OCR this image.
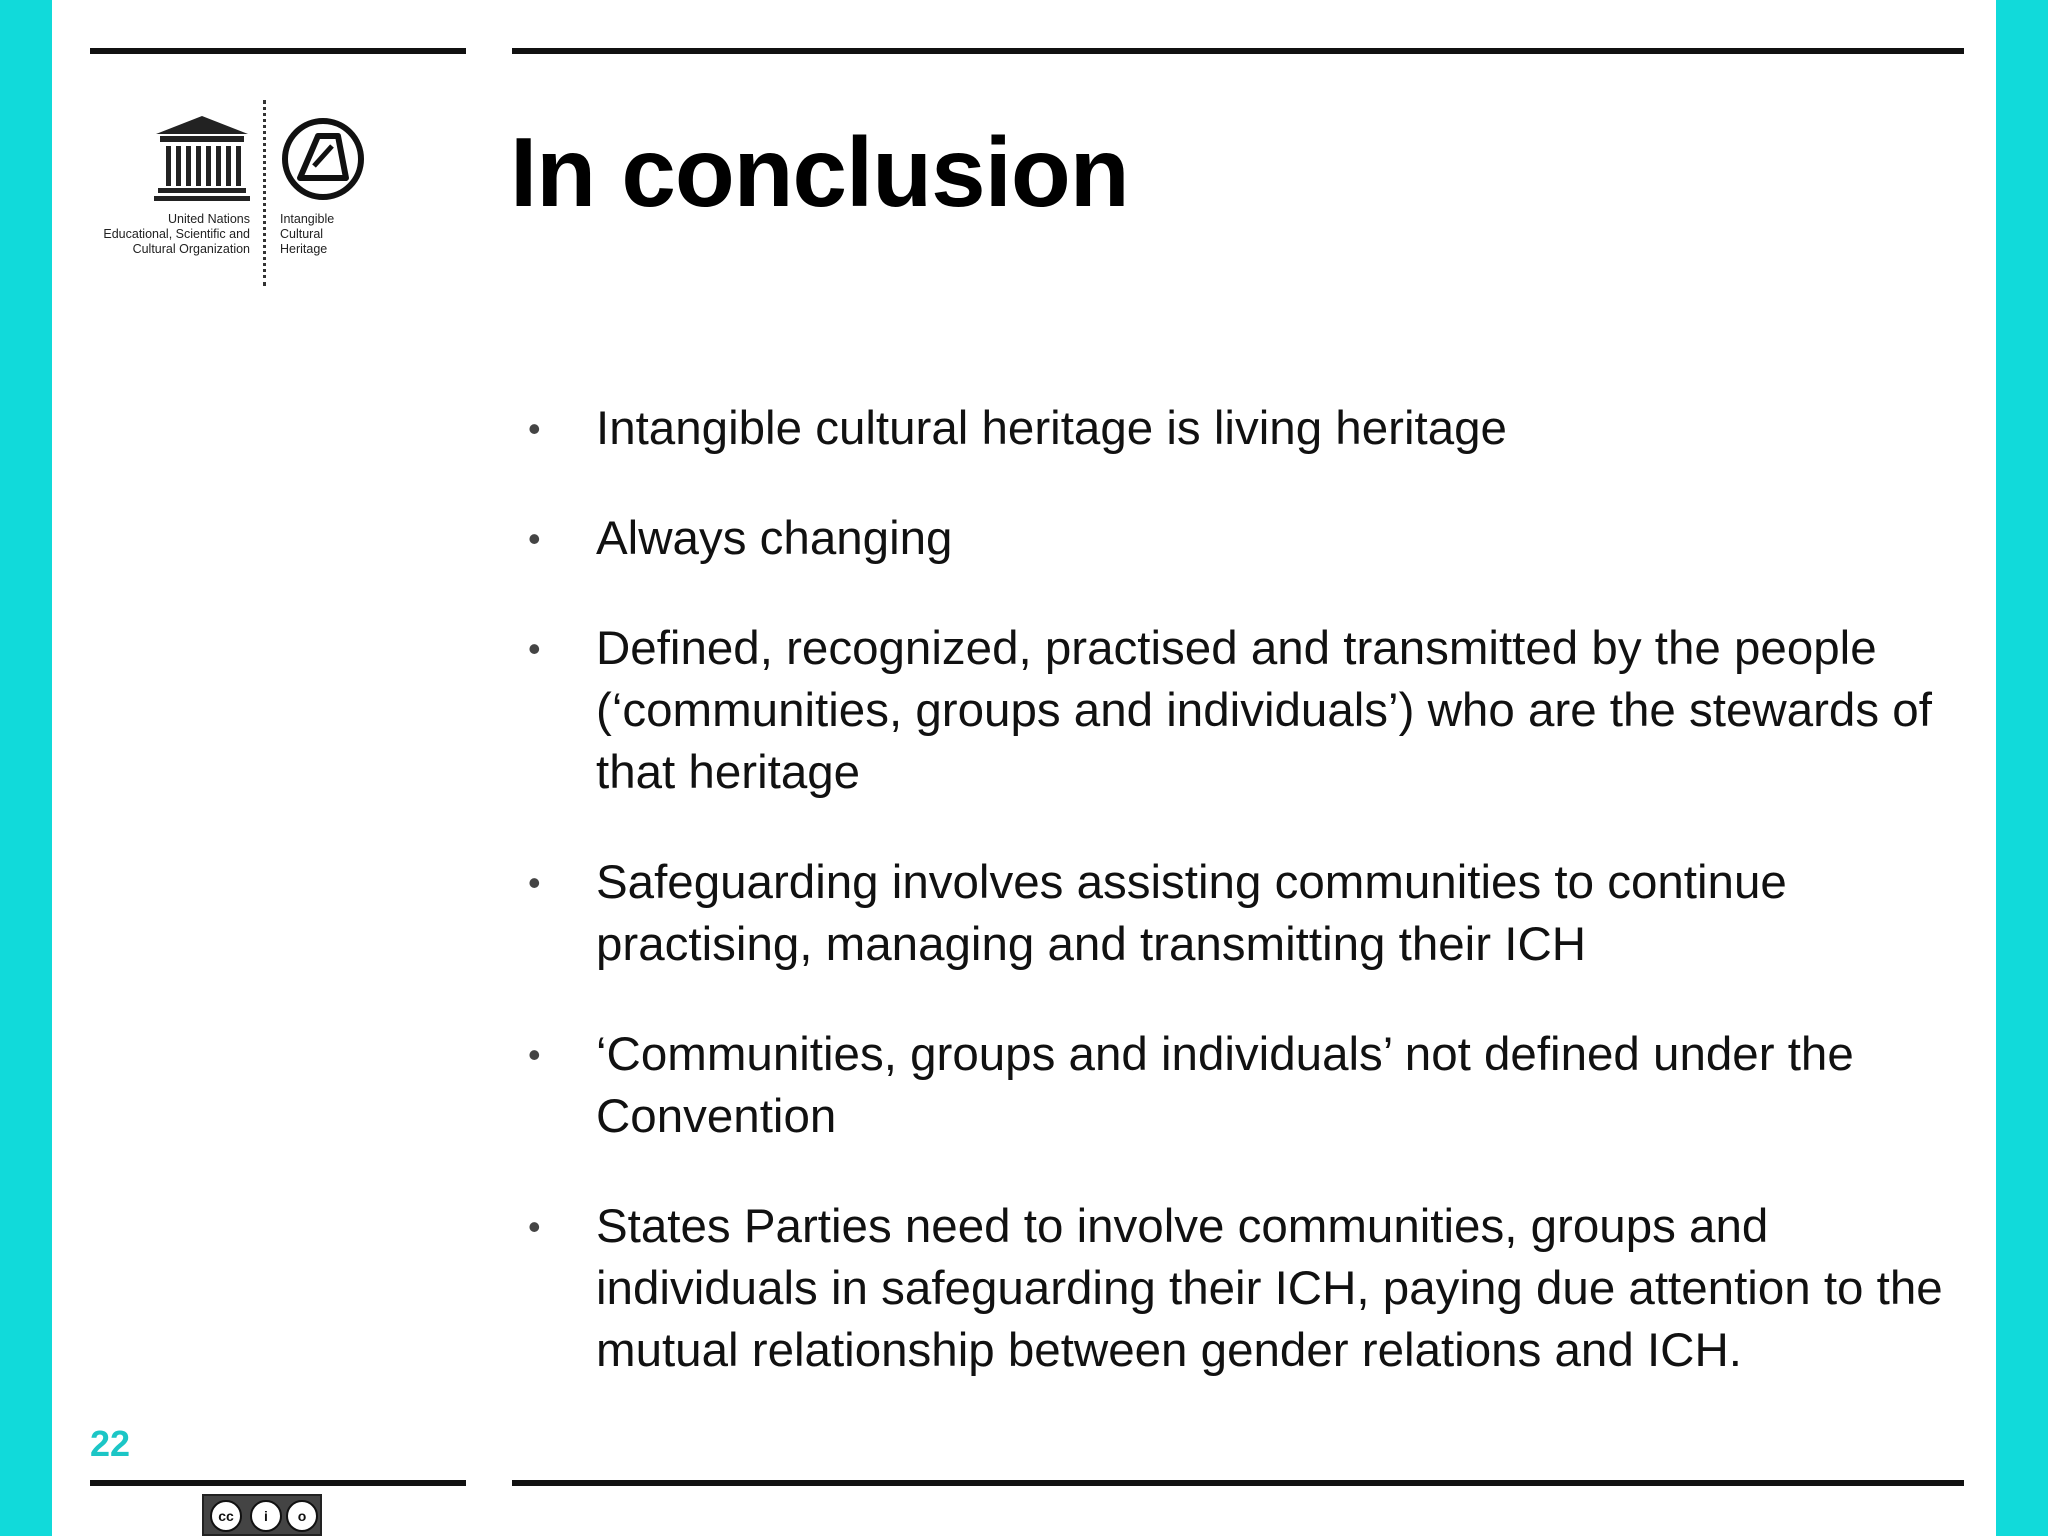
United Nations
Educational, Scientific and
Cultural Organization
Intangible
Cultural
Heritage
In conclusion
• Intangible cultural heritage is living heritage
• Always changing
• Defined, recognized, practised and transmitted by the people (‘communities, groups and individuals’) who are the stewards of that heritage
• Safeguarding involves assisting communities to continue practising, managing and transmitting their ICH
• ‘Communities, groups and individuals’ not defined under the Convention
• States Parties need to involve communities, groups and individuals in safeguarding their ICH, paying due attention to the mutual relationship between gender relations and ICH.
22
cc	i	o
